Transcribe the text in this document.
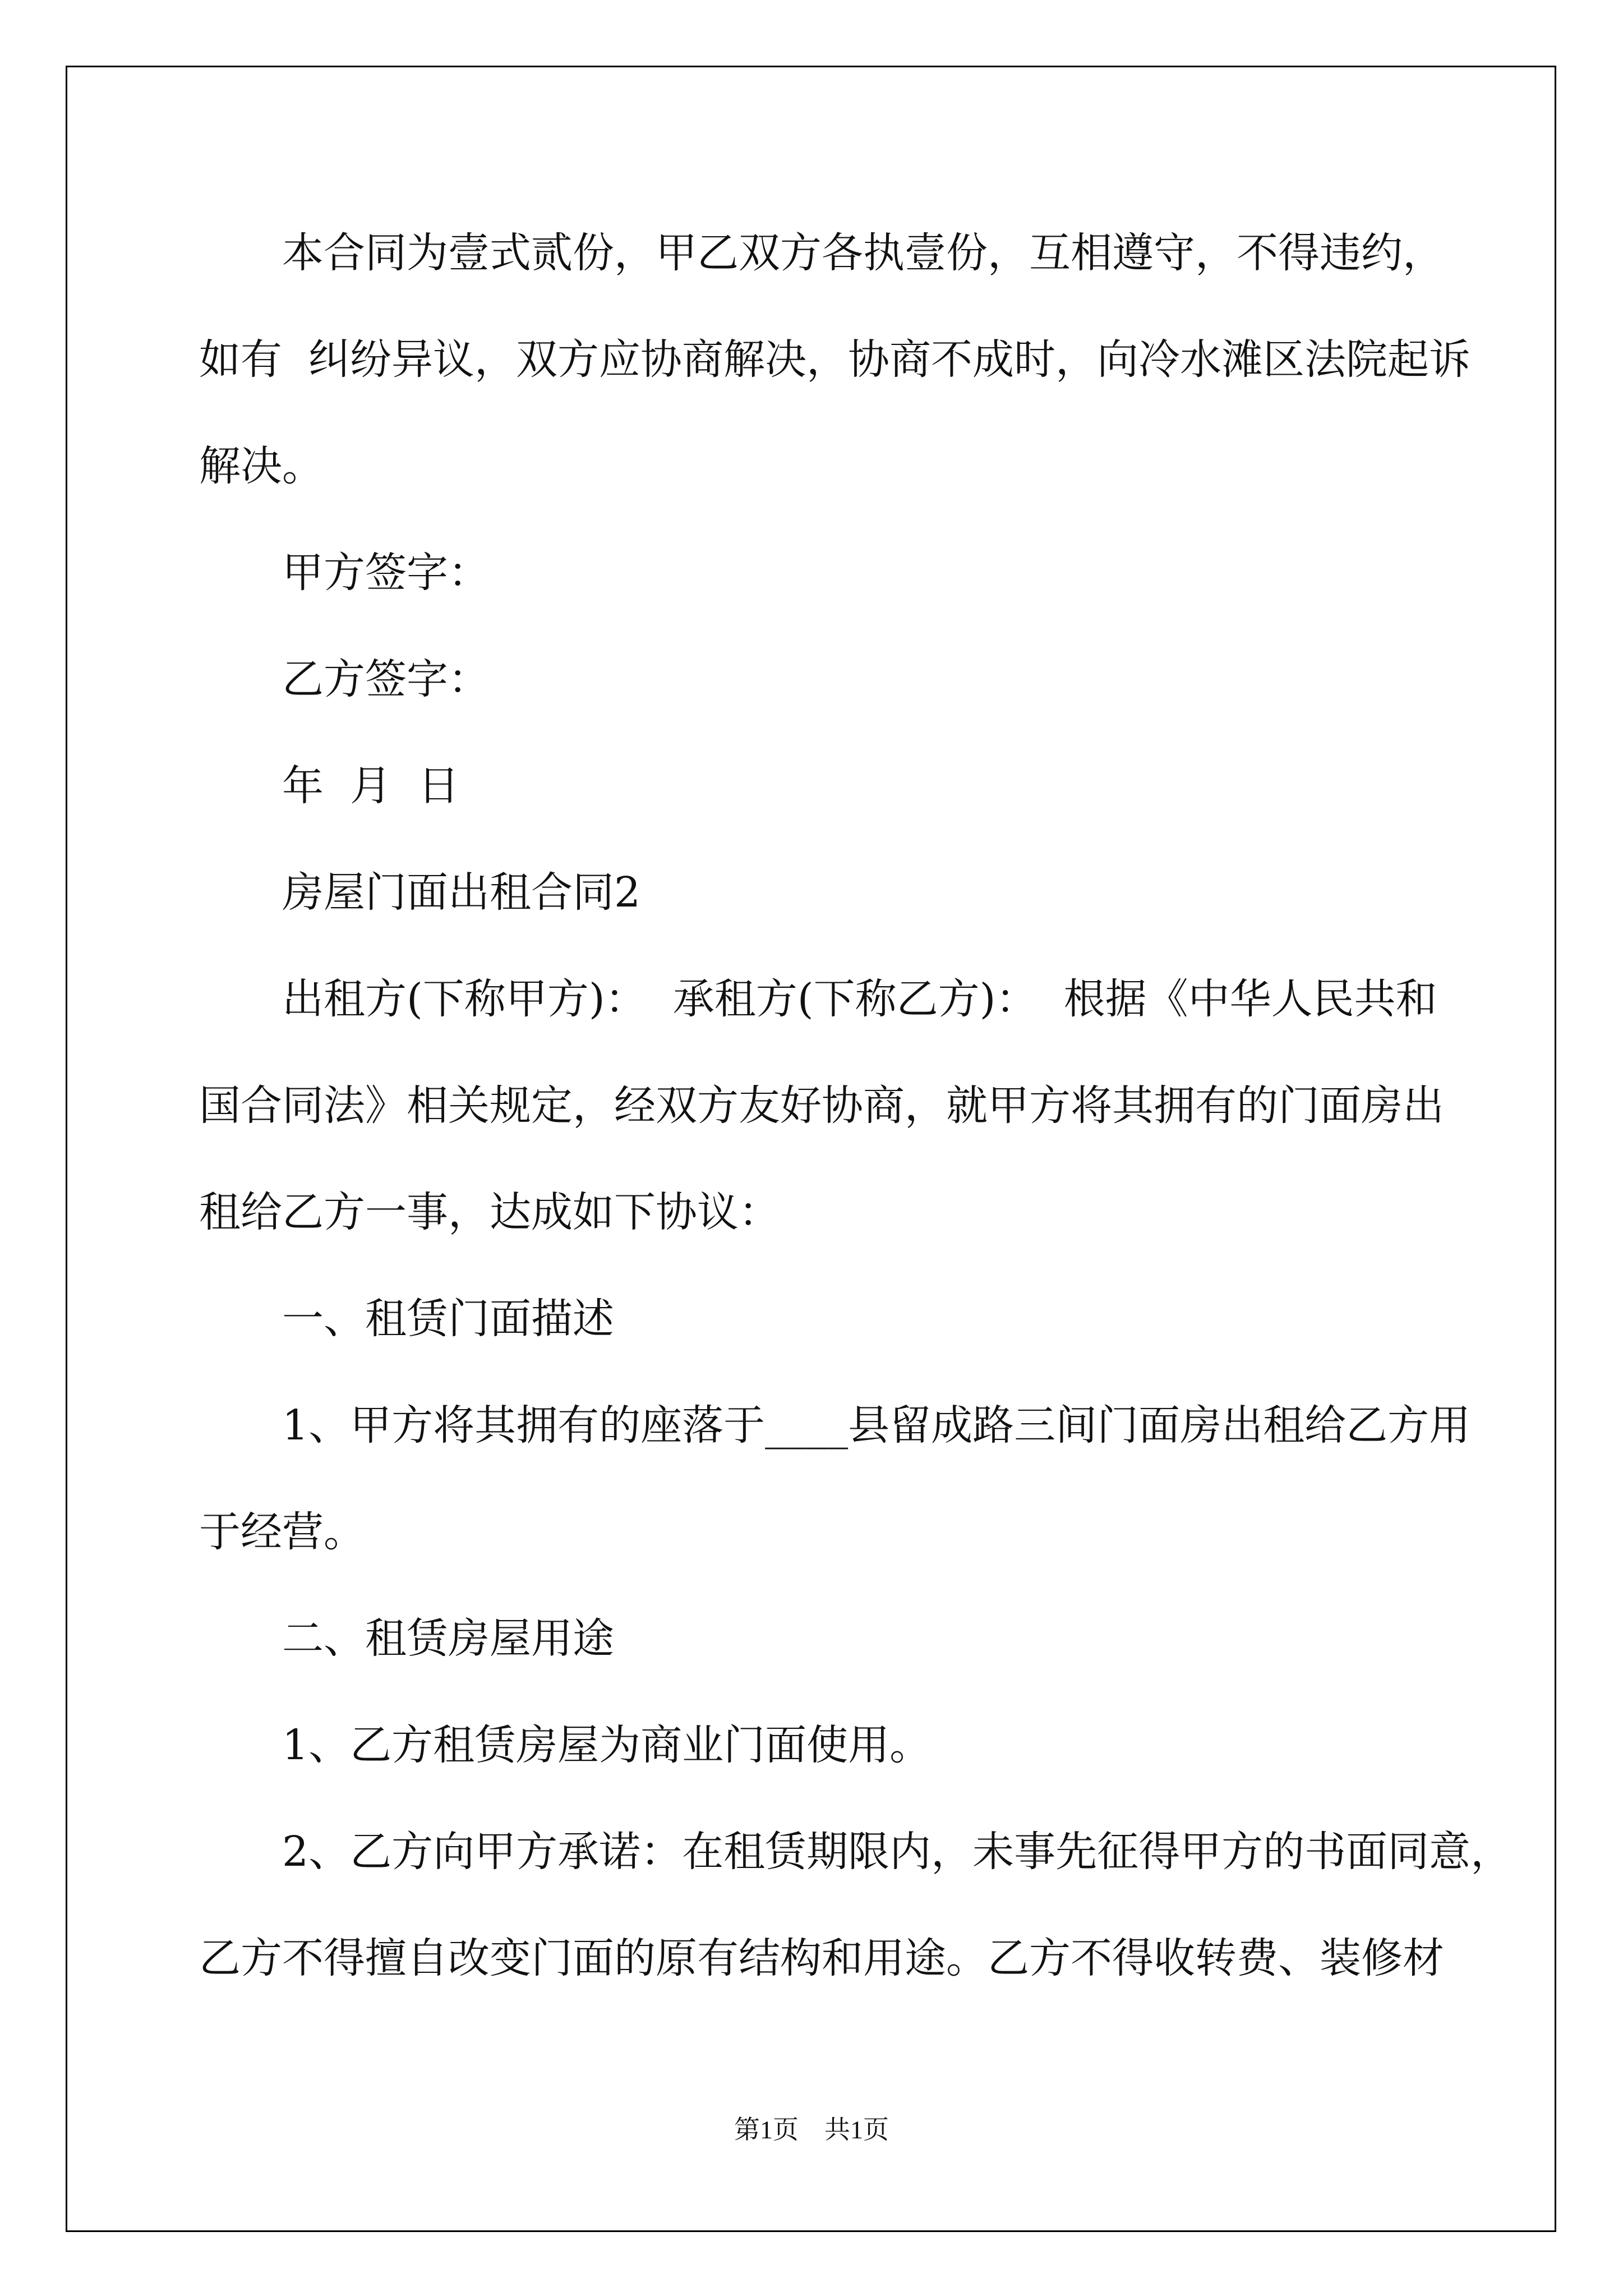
本合同为壹式贰份，甲乙双方各执壹份，互相遵守，不得违约，
如有  纠纷异议，双方应协商解决，协商不成时，向冷水滩区法院起诉
解决。
甲方签字：
乙方签字：
年  月  日
房屋门面出租合同2
出租方(下称甲方)：  承租方(下称乙方)：  根据《中华人民共和
国合同法》相关规定，经双方友好协商，就甲方将其拥有的门面房出
租给乙方一事，达成如下协议：
一、租赁门面描述
1、甲方将其拥有的座落于____县留成路三间门面房出租给乙方用
于经营。
二、租赁房屋用途
1、乙方租赁房屋为商业门面使用。
2、乙方向甲方承诺：在租赁期限内，未事先征得甲方的书面同意，
乙方不得擅自改变门面的原有结构和用途。乙方不得收转费、装修材
第1页 共1页
